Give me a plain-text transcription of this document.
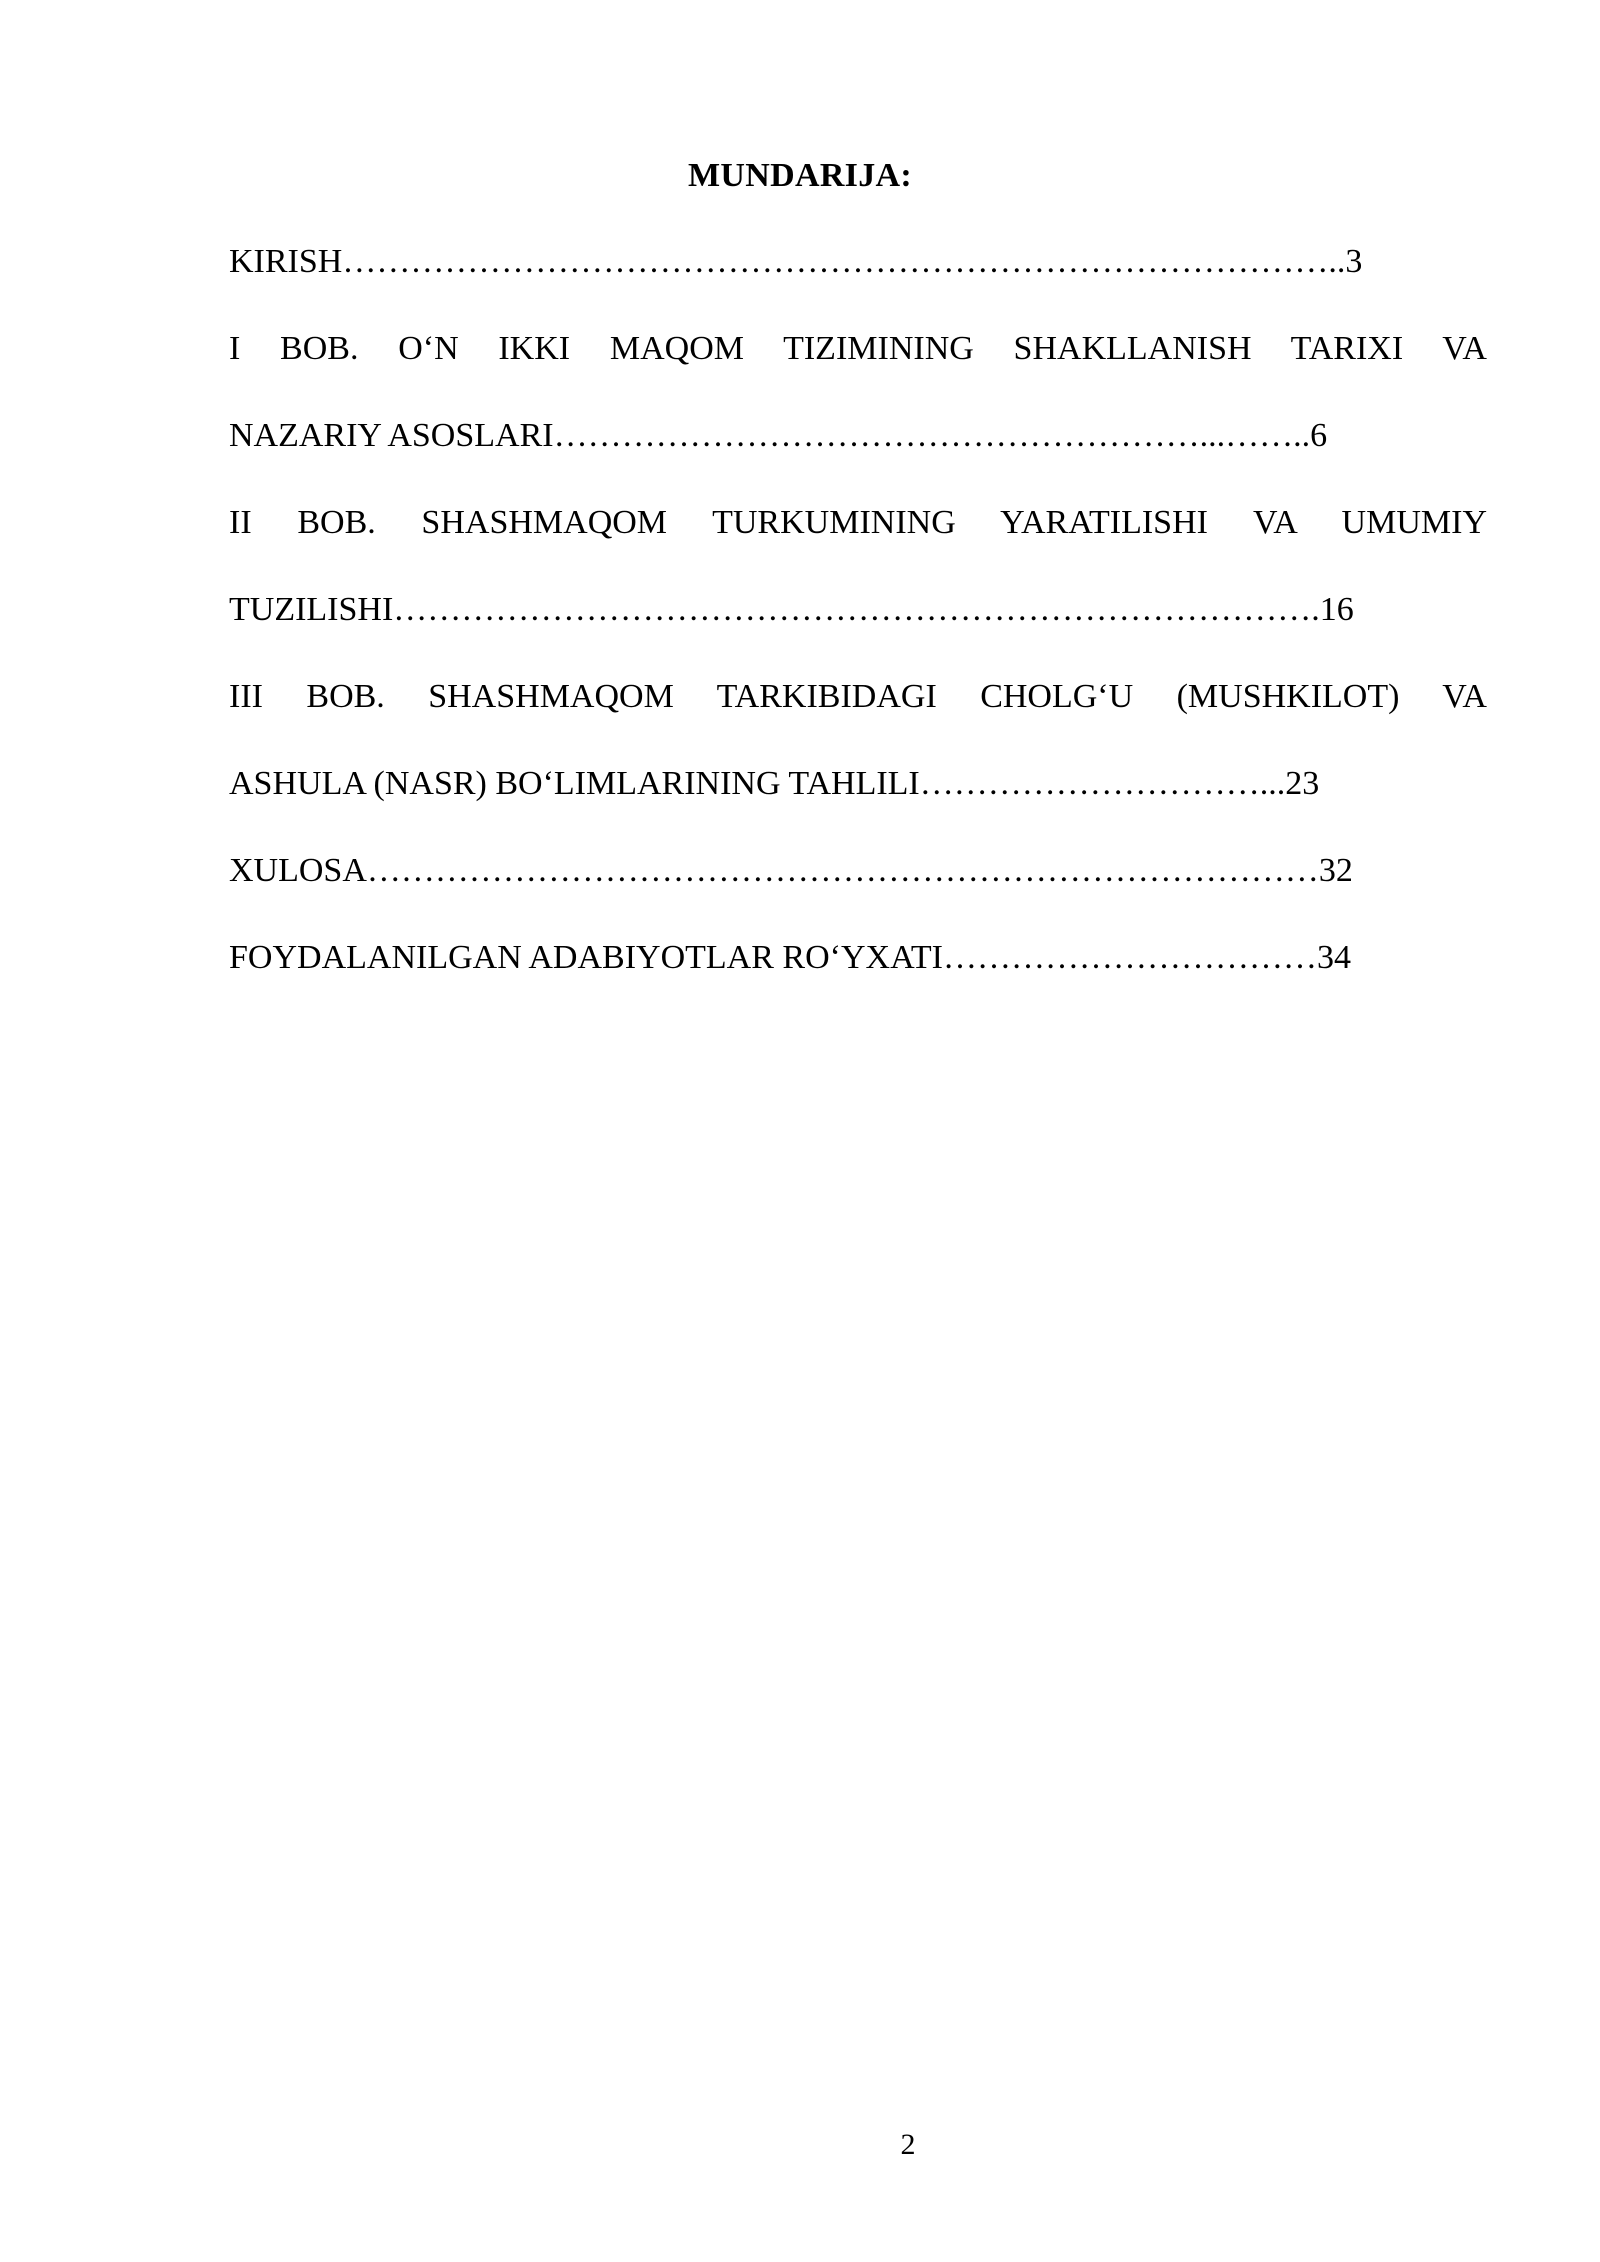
MUNDARIJA:
KIRISH……………………………………………………………………………..3
I BOB. O‘N IKKI MAQOM TIZIMINING SHAKLLANISH TARIXI VA
NAZARIY ASOSLARI…………………………………………………...……..6
II BOB. SHASHMAQOM TURKUMINING YARATILISHI VA UMUMIY
TUZILISHI……………………………………………………………………….16
III BOB. SHASHMAQOM TARKIBIDAGI CHOLG‘U (MUSHKILOT) VA
ASHULA (NASR) BO‘LIMLARINING TAHLILI…………………………...23
XULOSA…………………………………………………………………………32
FOYDALANILGAN ADABIYOTLAR RO‘YXATI……………………………34
2
